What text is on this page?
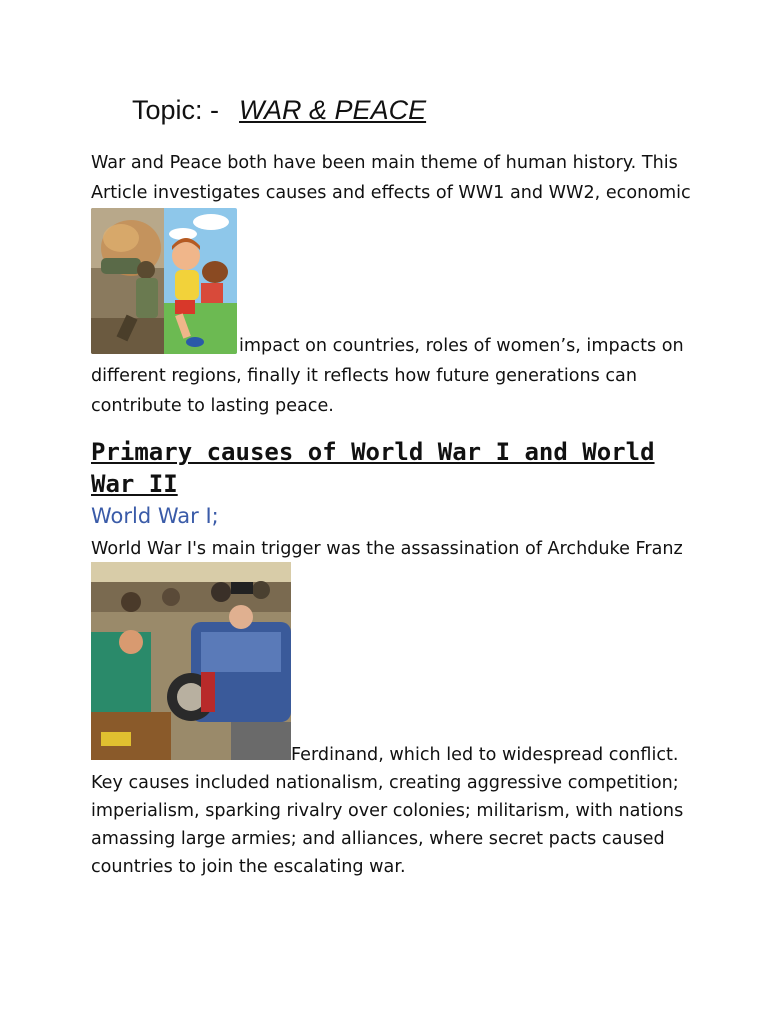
Topic: - WAR & PEACE
War and Peace both have been main theme of human history. This
Article investigates causes and effects of WW1 and WW2, economic
impact on countries, roles of women’s, impacts on
different regions, finally it reflects how future generations can
contribute to lasting peace.
Primary causes of World War I and World War II
World War I;
World War I's main trigger was the assassination of Archduke Franz
Ferdinand, which led to widespread conflict.
Key causes included nationalism, creating aggressive competition;
imperialism, sparking rivalry over colonies; militarism, with nations
amassing large armies; and alliances, where secret pacts caused
countries to join the escalating war.
